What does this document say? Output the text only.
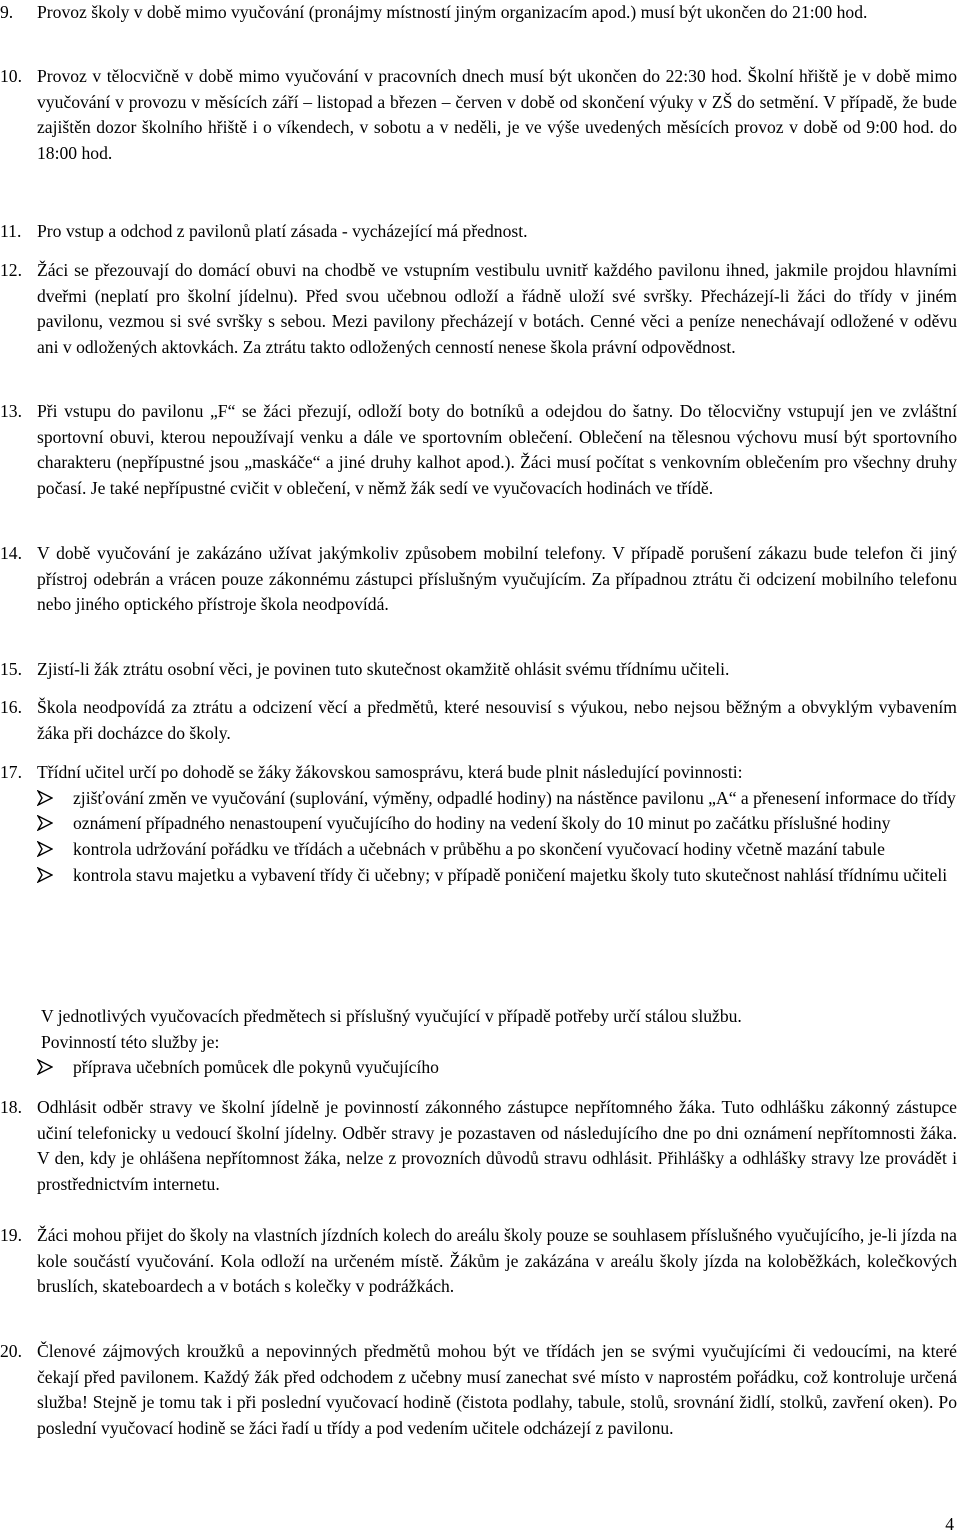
9.	Provoz školy v době mimo vyučování (pronájmy místností jiným organizacím apod.) musí být ukončen do 21:00 hod.
10. Provoz v tělocvičně v době mimo vyučování v pracovních dnech musí být ukončen do 22:30 hod. Školní hřiště je v době mimo vyučování v provozu v měsících září – listopad a březen – červen v době od skončení výuky v ZŠ do setmění. V případě, že bude zajištěn dozor školního hřiště i o víkendech, v sobotu a v neděli, je ve výše uvedených měsících provoz v době od 9:00 hod. do 18:00 hod.
11. Pro vstup a odchod z pavilonů platí zásada - vycházející má přednost.
12. Žáci se přezouvají do domácí obuvi na chodbě ve vstupním vestibulu uvnitř každého pavilonu ihned, jakmile projdou hlavními dveřmi (neplatí pro školní jídelnu). Před svou učebnou odloží a řádně uloží své svršky. Přecházejí-li žáci do třídy v jiném pavilonu, vezmou si své svršky s sebou. Mezi pavilony přecházejí v botách. Cenné věci a peníze nenechávají odložené v oděvu ani v odložených aktovkách. Za ztrátu takto odložených cenností nenese škola právní odpovědnost.
13. Při vstupu do pavilonu „F“ se žáci přezují, odloží boty do botníků a odejdou do šatny. Do tělocvičny vstupují jen ve zvláštní sportovní obuvi, kterou nepoužívají venku a dále ve sportovním oblečení. Oblečení na tělesnou výchovu musí být sportovního charakteru (nepřípustné jsou „maskáče“ a jiné druhy kalhot apod.). Žáci musí počítat s venkovním oblečením pro všechny druhy počasí. Je také nepřípustné cvičit v oblečení, v němž žák sedí ve vyučovacích hodinách ve třídě.
14. V době vyučování je zakázáno užívat jakýmkoliv způsobem mobilní telefony. V případě porušení zákazu bude telefon či jiný přístroj odebrán a vrácen pouze zákonnému zástupci příslušným vyučujícím. Za případnou ztrátu či odcizení mobilního telefonu nebo jiného optického přístroje škola neodpovídá.
15. Zjistí-li žák ztrátu osobní věci, je povinen tuto skutečnost okamžitě ohlásit svému třídnímu učiteli.
16. Škola neodpovídá za ztrátu a odcizení věcí a předmětů, které nesouvisí s výukou, nebo nejsou běžným a obvyklým vybavením žáka při docházce do školy.
17. Třídní učitel určí po dohodě se žáky žákovskou samosprávu, která bude plnit následující povinnosti:
zjišťování změn ve vyučování (suplování, výměny, odpadlé hodiny) na nástěnce pavilonu „A“ a přenesení informace do třídy
oznámení případného nenastoupení vyučujícího do hodiny na vedení školy do 10 minut po začátku příslušné hodiny
kontrola udržování pořádku ve třídách a učebnách v průběhu a po skončení vyučovací hodiny včetně mazání tabule
kontrola stavu majetku a vybavení třídy či učebny; v případě poničení majetku školy tuto skutečnost nahlásí třídnímu učiteli
V jednotlivých vyučovacích předmětech si příslušný vyučující v případě potřeby určí stálou službu.
Povinností této služby je:
příprava učebních pomůcek dle pokynů vyučujícího
18. Odhlásit odběr stravy ve školní jídelně je povinností zákonného zástupce nepřítomného žáka. Tuto odhlášku zákonný zástupce učiní telefonicky u vedoucí školní jídelny. Odběr stravy je pozastaven od následujícího dne po dni oznámení nepřítomnosti žáka. V den, kdy je ohlášena nepřítomnost žáka, nelze z provozních důvodů stravu odhlásit. Přihlášky a odhlášky stravy lze provádět i prostřednictvím internetu.
19. Žáci mohou přijet do školy na vlastních jízdních kolech do areálu školy pouze se souhlasem příslušného vyučujícího, je-li jízda na kole součástí vyučování. Kola odloží na určeném místě. Žákům je zakázána v areálu školy jízda na koloběžkách, kolečkových bruslích, skateboardech a v botách s kolečky v podrážkách.
20. Členové zájmových kroužků a nepovinných předmětů mohou být ve třídách jen se svými vyučujícími či vedoucími, na které čekají před pavilonem. Každý žák před odchodem z učebny musí zanechat své místo v naprostém pořádku, což kontroluje určená služba! Stejně je tomu tak i při poslední vyučovací hodině (čistota podlahy, tabule, stolů, srovnání židlí, stolků, zavření oken). Po poslední vyučovací hodině se žáci řadí u třídy a pod vedením učitele odcházejí z pavilonu.
4
